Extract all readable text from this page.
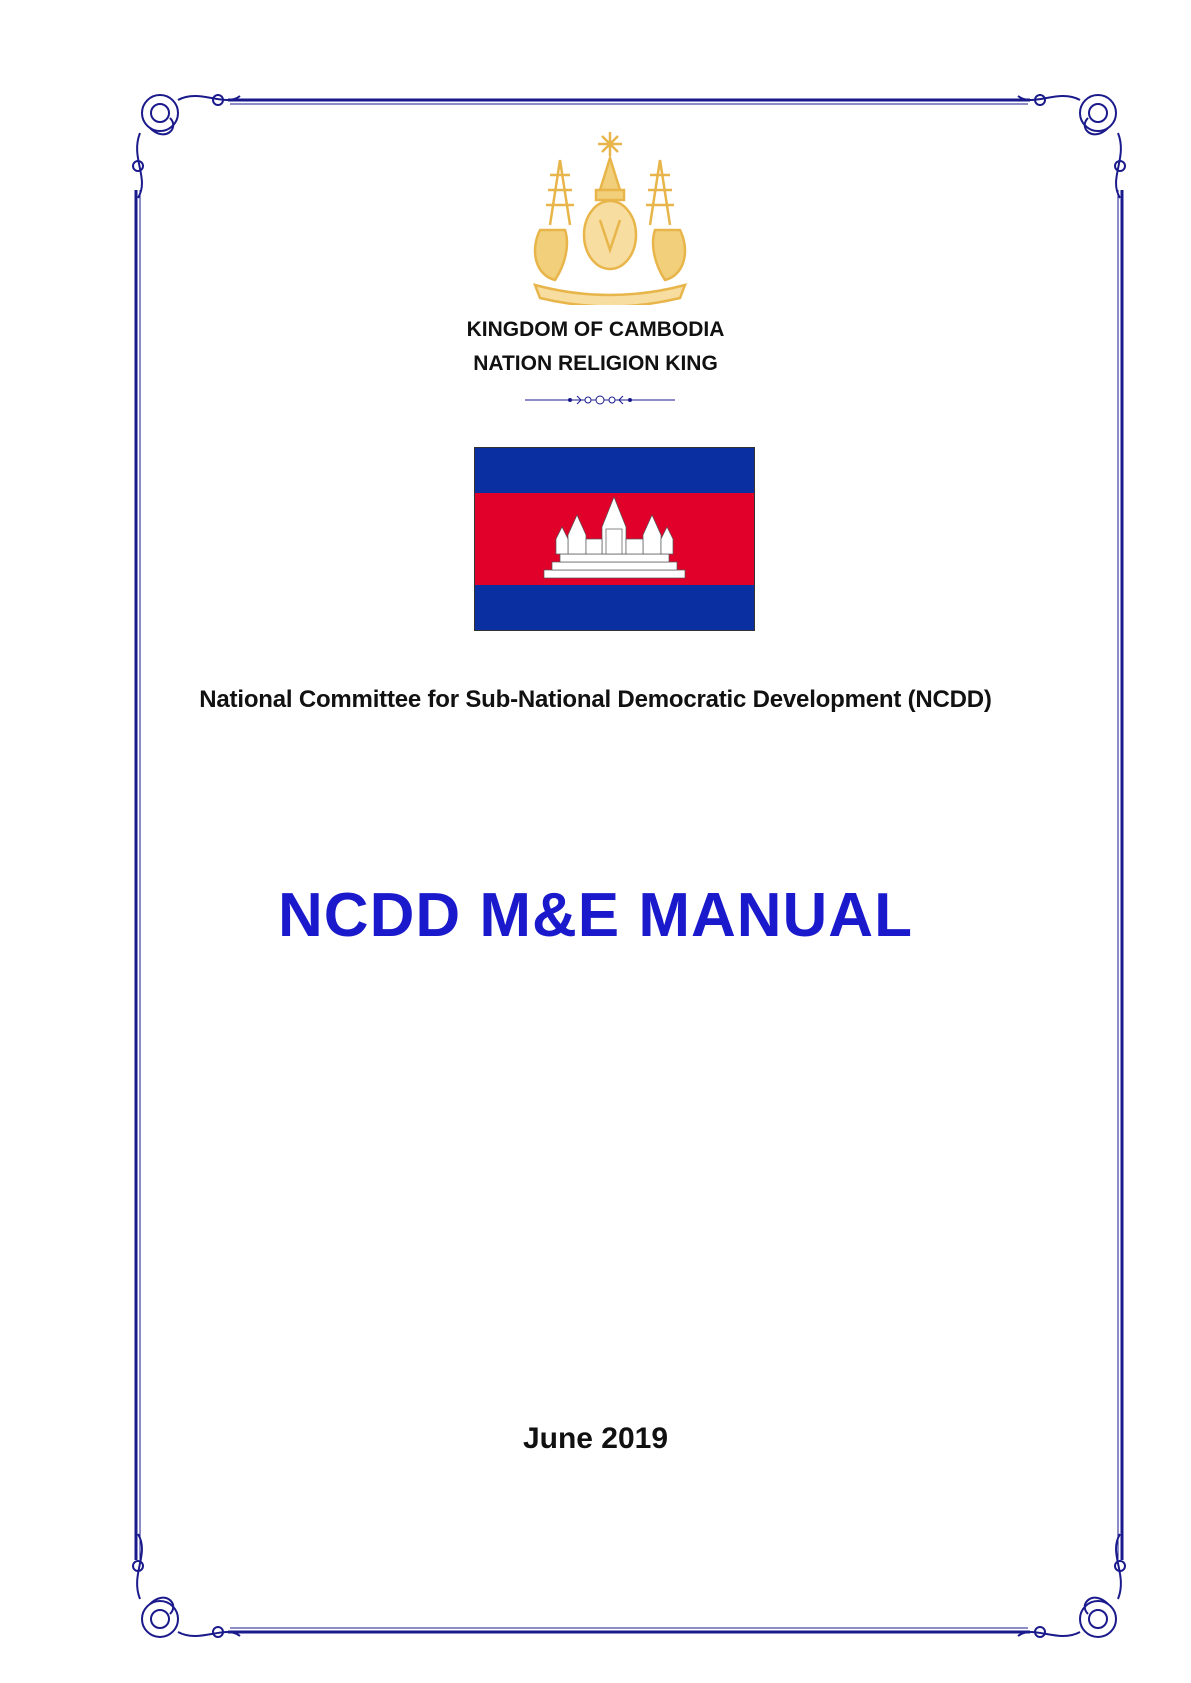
KINGDOM OF CAMBODIA
NATION RELIGION KING
National Committee for Sub-National Democratic Development (NCDD)
NCDD M&E MANUAL
June 2019
